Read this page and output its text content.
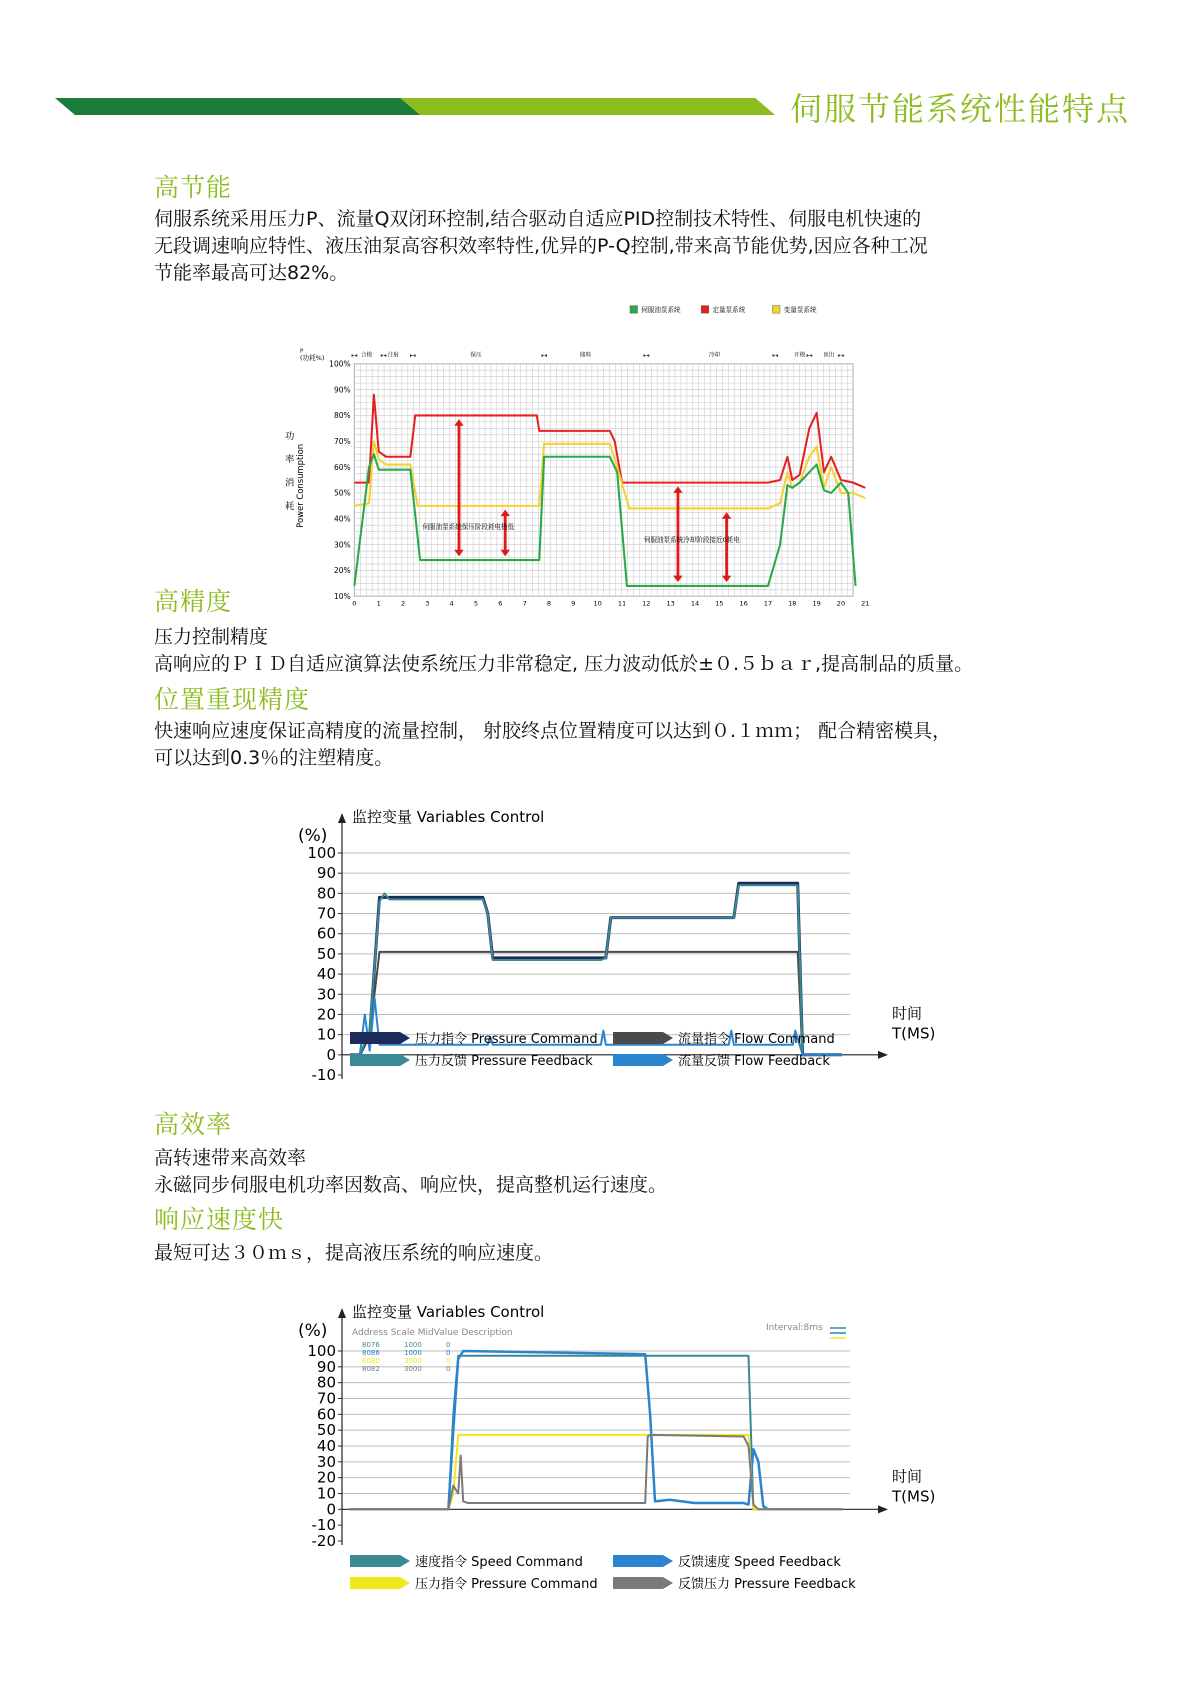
伺服节能系统性能特点
高节能
伺服系统采用压力P、流量Q双闭环控制,结合驱动自适应PID控制技术特性、伺服电机快速的
无段调速响应特性、液压油泵高容积效率特性,优异的P-Q控制,带来高节能优势,因应各种工况
节能率最高可达82%。
100%
90%
80%
70%
60%
50%
40%
30%
20%
10%
0	1	2	3	4	5	6	7	8	9	10 11 12 13 14 15 16 17 18 19 20 21
P
(功耗%)
功
率
消
耗 Power Consumption
合模	注射	保压	储料	冷却	开模	顶出
▸◂	▸◂	▸◂	▸◂	▸◂	▸◂	▸◂	▸◂
伺服油泵系统	定量泵系统	变量泵系统
伺服油泵系统保压阶段耗电极低
伺服油泵系统冷却阶段接近0耗电
高精度
压力控制精度
高响应的ＰＩＤ自适应演算法使系统压力非常稳定, 压力波动低於±０.５ｂａｒ,提高制品的质量。
位置重现精度
快速响应速度保证高精度的流量控制， 射胶终点位置精度可以达到０.１ｍｍ； 配合精密模具，
可以达到0.3％的注塑精度。
100
90
80
70
60
50
40
30
20
10
0
-10
监控变量 Variables Control
(%)
时间
T(MS)
压力指令 Pressure Command	流量指令 Flow Command
压力反馈 Pressure Feedback	流量反馈 Flow Feedback
高效率
高转速带来高效率
永磁同步伺服电机功率因数高、响应快，提高整机运行速度。
响应速度快
最短可达３０ｍｓ，提高液压系统的响应速度。
100
90
80
70
60
50
40
30
20
10
0
-10
-20
监控变量 Variables Control
(%)
时间
T(MS)
速度指令 Speed Command	反馈速度 Speed Feedback
压力指令 Pressure Command	反馈压力 Pressure Feedback
Address Scale MidValue Description
8076	1000	0
8086	1000	0
8080	3000	0
8082	3000	0
Interval:8ms
